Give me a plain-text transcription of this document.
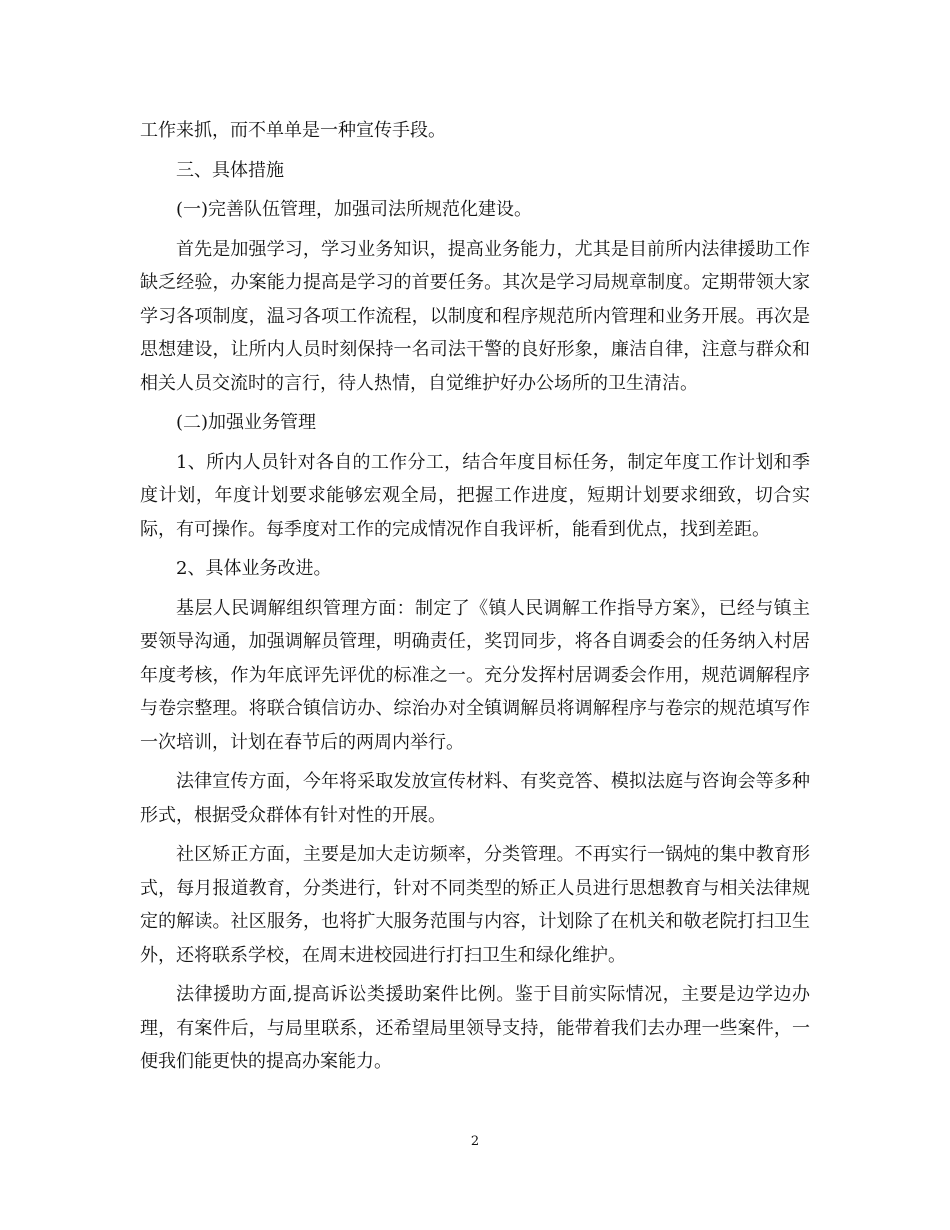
工作来抓，而不单单是一种宣传手段。

三、具体措施

(一)完善队伍管理，加强司法所规范化建设。

首先是加强学习，学习业务知识，提高业务能力，尤其是目前所内法律援助工作缺乏经验，办案能力提高是学习的首要任务。其次是学习局规章制度。定期带领大家学习各项制度，温习各项工作流程，以制度和程序规范所内管理和业务开展。再次是思想建设，让所内人员时刻保持一名司法干警的良好形象，廉洁自律，注意与群众和相关人员交流时的言行，待人热情，自觉维护好办公场所的卫生清洁。

(二)加强业务管理

1、所内人员针对各自的工作分工，结合年度目标任务，制定年度工作计划和季度计划，年度计划要求能够宏观全局，把握工作进度，短期计划要求细致，切合实际，有可操作。每季度对工作的完成情况作自我评析，能看到优点，找到差距。

2、具体业务改进。

基层人民调解组织管理方面：制定了《镇人民调解工作指导方案》，已经与镇主要领导沟通，加强调解员管理，明确责任，奖罚同步，将各自调委会的任务纳入村居年度考核，作为年底评先评优的标准之一。充分发挥村居调委会作用，规范调解程序与卷宗整理。将联合镇信访办、综治办对全镇调解员将调解程序与卷宗的规范填写作一次培训，计划在春节后的两周内举行。

法律宣传方面，今年将采取发放宣传材料、有奖竞答、模拟法庭与咨询会等多种形式，根据受众群体有针对性的开展。

社区矫正方面，主要是加大走访频率，分类管理。不再实行一锅炖的集中教育形式，每月报道教育，分类进行，针对不同类型的矫正人员进行思想教育与相关法律规定的解读。社区服务，也将扩大服务范围与内容，计划除了在机关和敬老院打扫卫生外，还将联系学校，在周末进校园进行打扫卫生和绿化维护。

法律援助方面,提高诉讼类援助案件比例。鉴于目前实际情况，主要是边学边办理，有案件后，与局里联系，还希望局里领导支持，能带着我们去办理一些案件，一便我们能更快的提高办案能力。

2
